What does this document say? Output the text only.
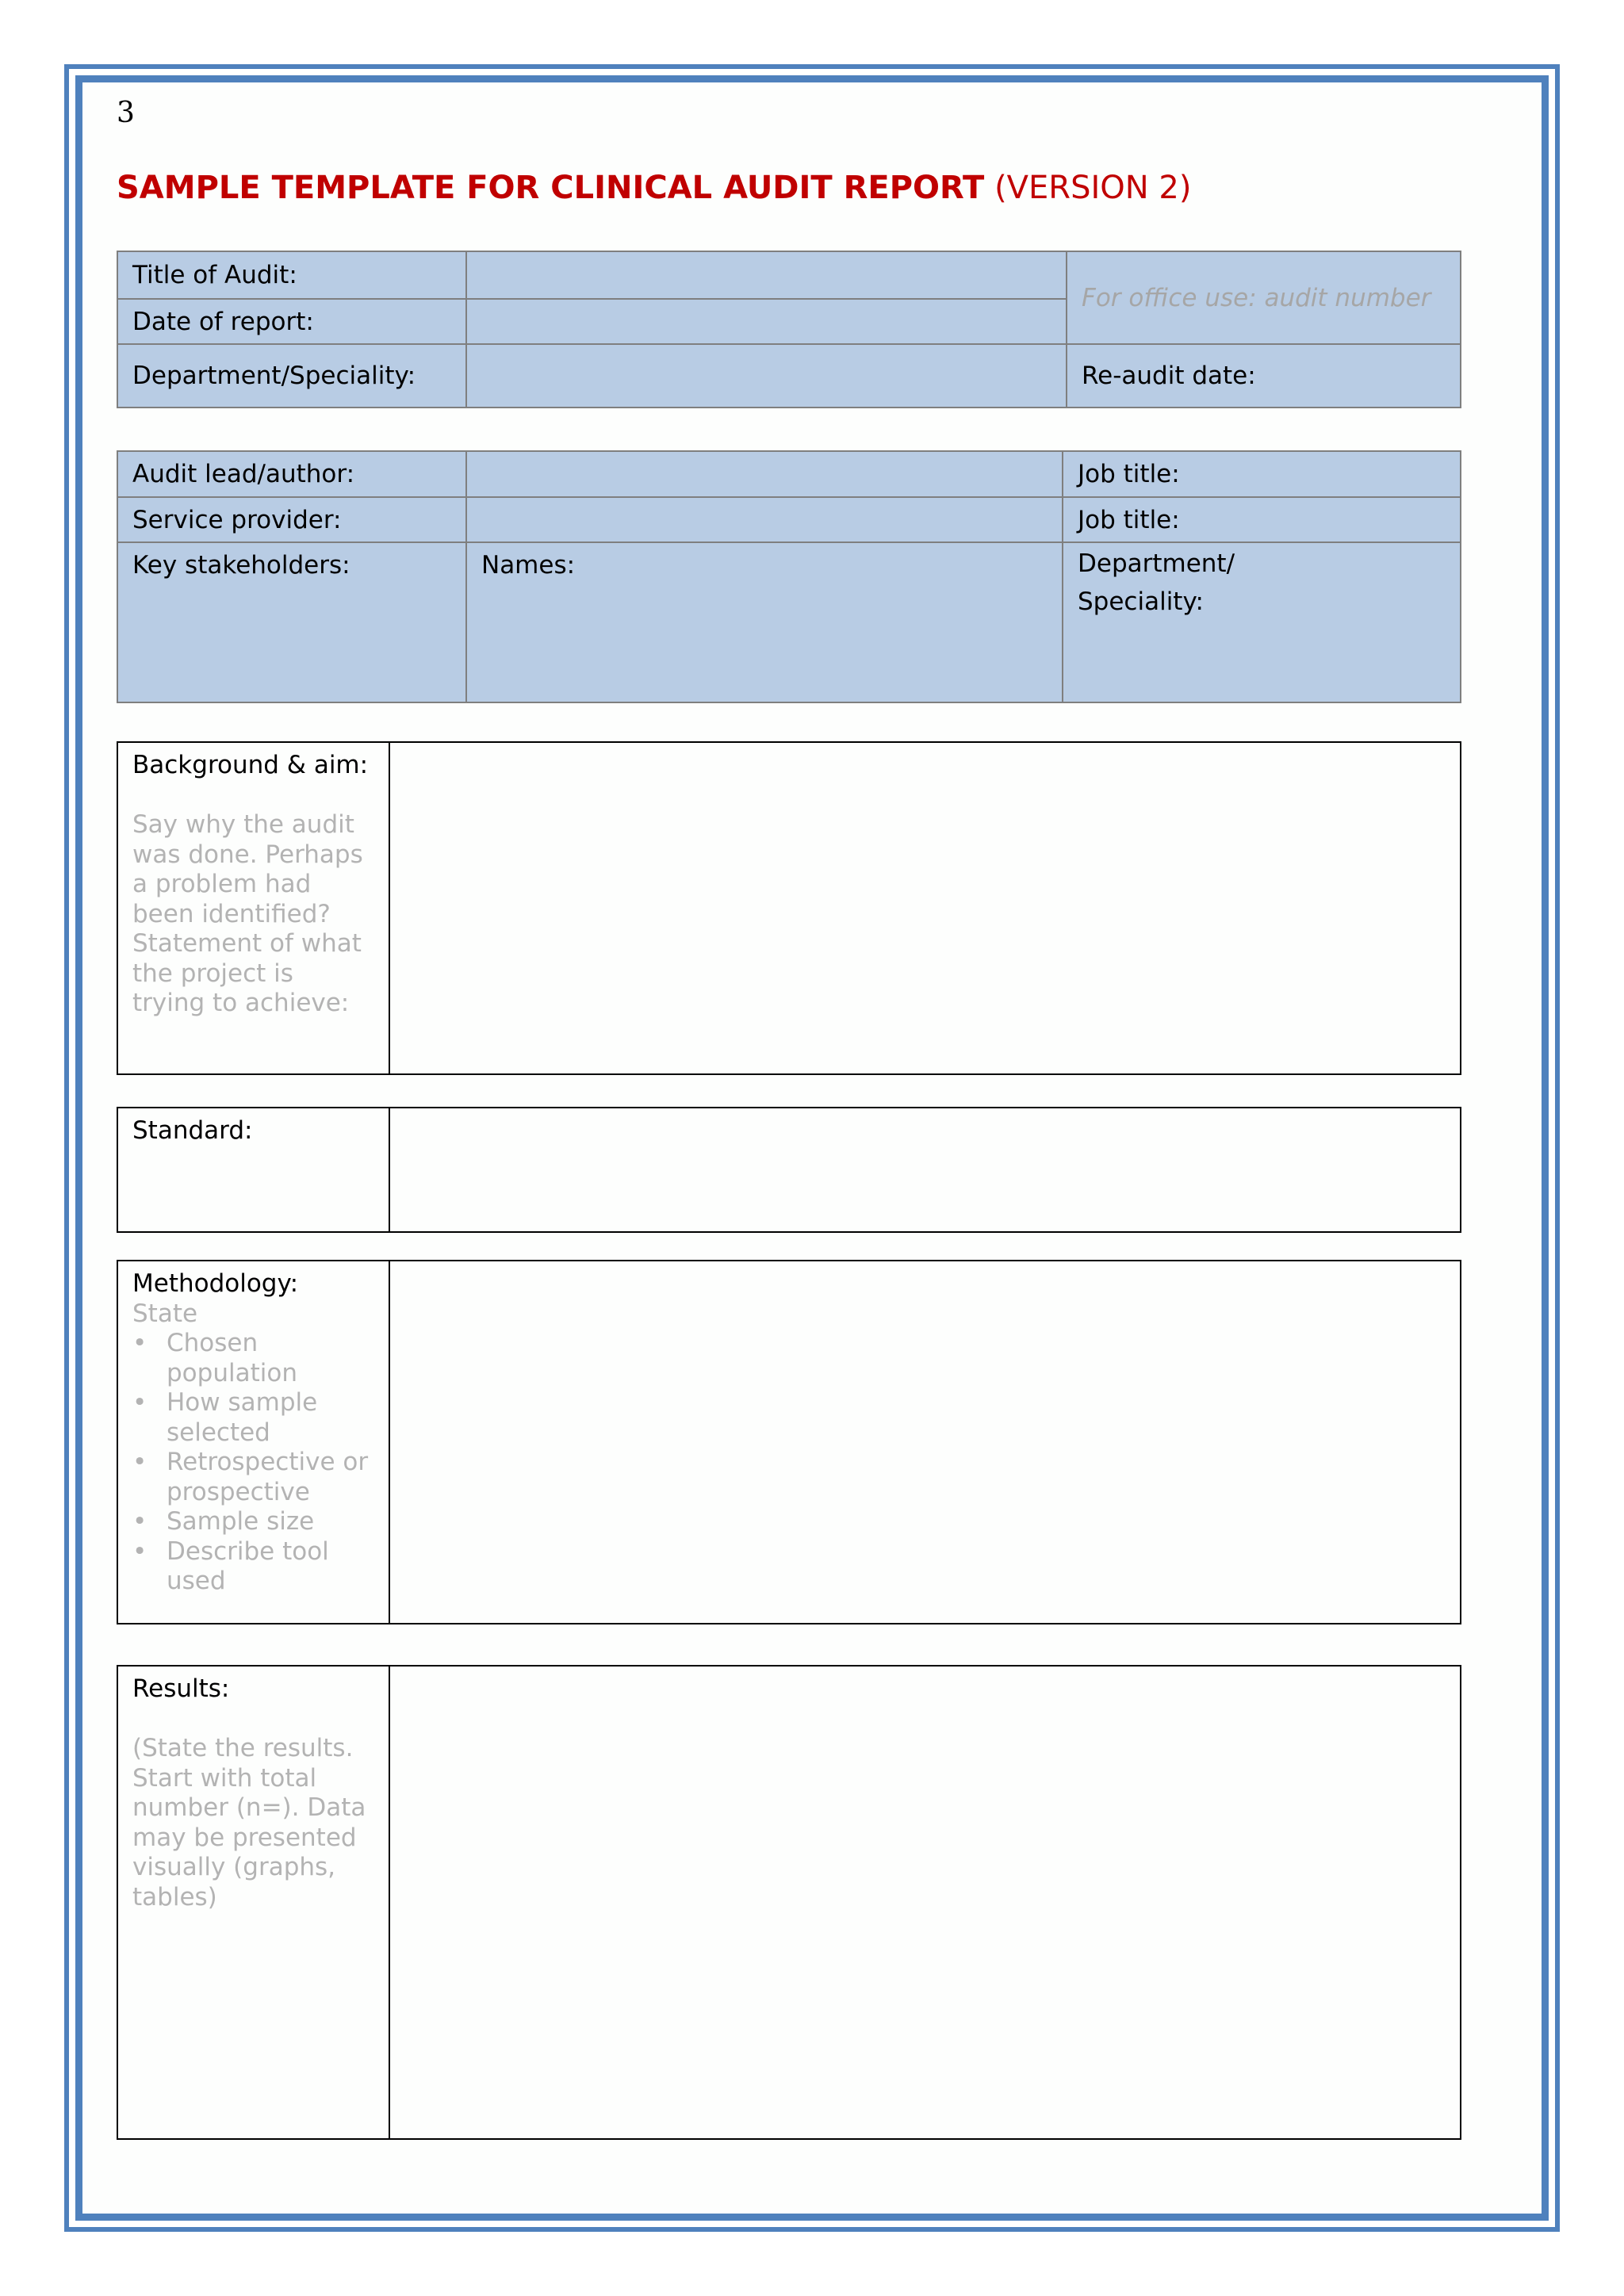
3
SAMPLE TEMPLATE FOR CLINICAL AUDIT REPORT (VERSION 2)
Title of Audit:		For office use: audit number
Date of report:		
Department/Speciality:		Re-audit date:
Audit lead/author:		Job title:
Service provider:		Job title:
Key stakeholders:	Names:	Department/
Speciality:
Background & aim:
Say why the audit
was done. Perhaps
a problem had
been identified?
Statement of what
the project is
trying to achieve:

Standard:	
Methodology:
State
• Chosen
population
• How sample
selected
• Retrospective or
prospective
• Sample size
• Describe tool
used

Results:
(State the results.
Start with total
number (n=). Data
may be presented
visually (graphs,
tables)
